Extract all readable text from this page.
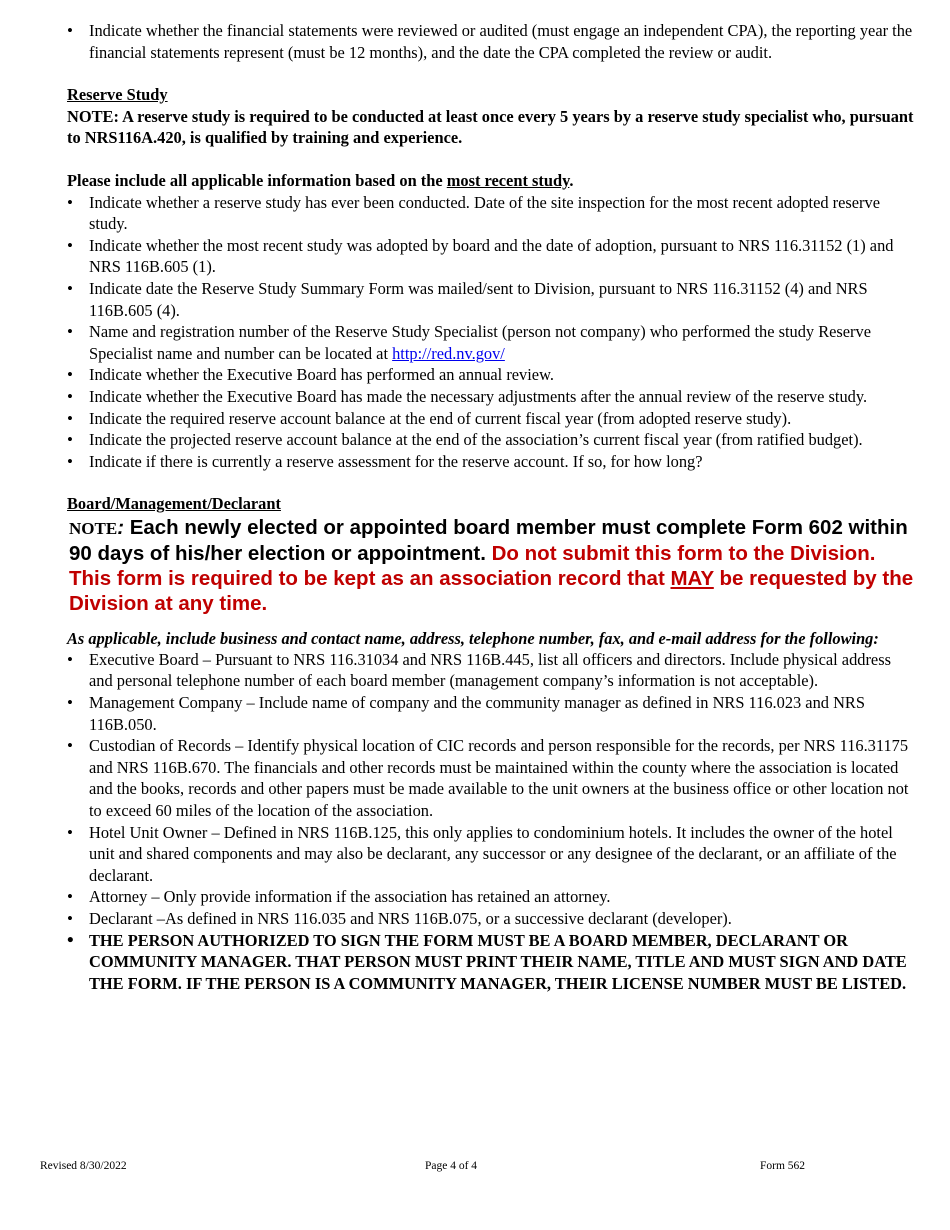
• Indicate whether the financial statements were reviewed or audited (must engage an independent CPA), the reporting year the financial statements represent (must be 12 months), and the date the CPA completed the review or audit.
Reserve Study
NOTE: A reserve study is required to be conducted at least once every 5 years by a reserve study specialist who, pursuant to NRS116A.420, is qualified by training and experience.
Please include all applicable information based on the most recent study.
• Indicate whether a reserve study has ever been conducted. Date of the site inspection for the most recent adopted reserve study.
• Indicate whether the most recent study was adopted by board and the date of adoption, pursuant to NRS 116.31152 (1) and NRS 116B.605 (1).
• Indicate date the Reserve Study Summary Form was mailed/sent to Division, pursuant to NRS 116.31152 (4) and NRS 116B.605 (4).
• Name and registration number of the Reserve Study Specialist (person not company) who performed the study Reserve Specialist name and number can be located at http://red.nv.gov/
• Indicate whether the Executive Board has performed an annual review.
• Indicate whether the Executive Board has made the necessary adjustments after the annual review of the reserve study.
• Indicate the required reserve account balance at the end of current fiscal year (from adopted reserve study).
• Indicate the projected reserve account balance at the end of the association’s current fiscal year (from ratified budget).
• Indicate if there is currently a reserve assessment for the reserve account. If so, for how long?
Board/Management/Declarant
NOTE: Each newly elected or appointed board member must complete Form 602 within 90 days of his/her election or appointment. Do not submit this form to the Division. This form is required to be kept as an association record that MAY be requested by the Division at any time.
As applicable, include business and contact name, address, telephone number, fax, and e-mail address for the following:
• Executive Board – Pursuant to NRS 116.31034 and NRS 116B.445, list all officers and directors. Include physical address and personal telephone number of each board member (management company’s information is not acceptable).
• Management Company – Include name of company and the community manager as defined in NRS 116.023 and NRS 116B.050.
• Custodian of Records – Identify physical location of CIC records and person responsible for the records, per NRS 116.31175 and NRS 116B.670. The financials and other records must be maintained within the county where the association is located and the books, records and other papers must be made available to the unit owners at the business office or other location not to exceed 60 miles of the location of the association.
• Hotel Unit Owner – Defined in NRS 116B.125, this only applies to condominium hotels. It includes the owner of the hotel unit and shared components and may also be declarant, any successor or any designee of the declarant, or an affiliate of the declarant.
• Attorney – Only provide information if the association has retained an attorney.
• Declarant –As defined in NRS 116.035 and NRS 116B.075, or a successive declarant (developer).
• THE PERSON AUTHORIZED TO SIGN THE FORM MUST BE A BOARD MEMBER, DECLARANT OR COMMUNITY MANAGER. THAT PERSON MUST PRINT THEIR NAME, TITLE AND MUST SIGN AND DATE THE FORM. IF THE PERSON IS A COMMUNITY MANAGER, THEIR LICENSE NUMBER MUST BE LISTED.
Revised 8/30/2022	Page 4 of 4	Form 562
